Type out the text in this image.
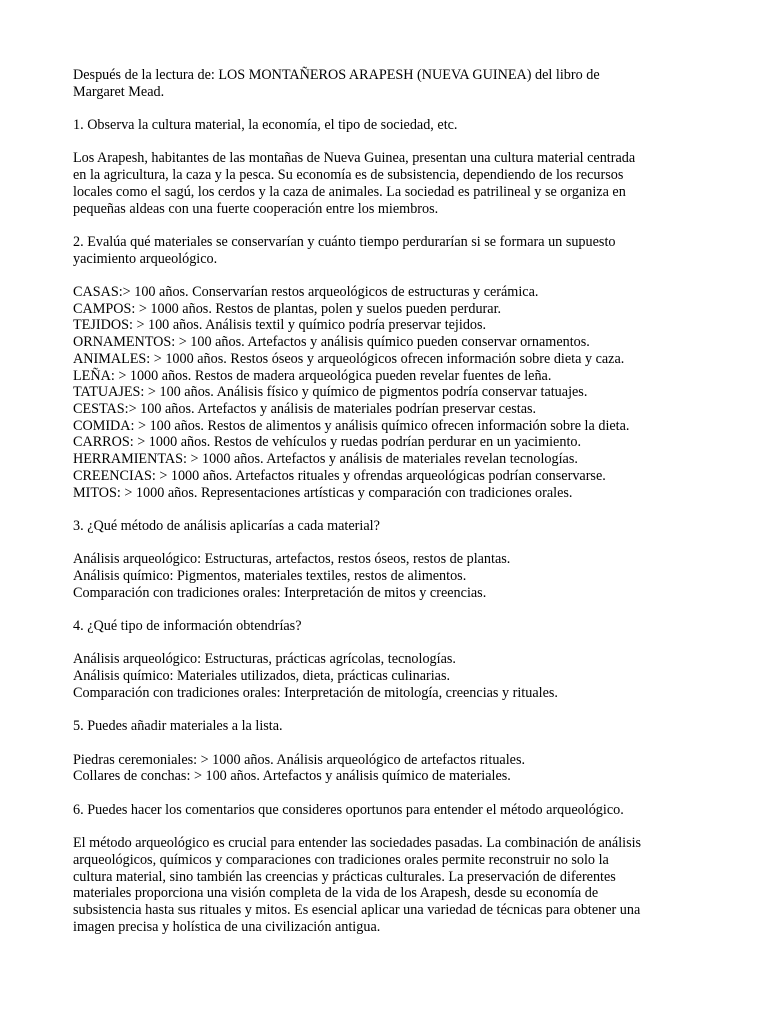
Después de la lectura de: LOS MONTAÑEROS ARAPESH (NUEVA GUINEA) del libro de
Margaret Mead.

1. Observa la cultura material, la economía, el tipo de sociedad, etc.

Los Arapesh, habitantes de las montañas de Nueva Guinea, presentan una cultura material centrada
en la agricultura, la caza y la pesca. Su economía es de subsistencia, dependiendo de los recursos
locales como el sagú, los cerdos y la caza de animales. La sociedad es patrilineal y se organiza en
pequeñas aldeas con una fuerte cooperación entre los miembros.

2. Evalúa qué materiales se conservarían y cuánto tiempo perdurarían si se formara un supuesto
yacimiento arqueológico.

CASAS:> 100 años. Conservarían restos arqueológicos de estructuras y cerámica.
CAMPOS: > 1000 años. Restos de plantas, polen y suelos pueden perdurar.
TEJIDOS: > 100 años. Análisis textil y químico podría preservar tejidos.
ORNAMENTOS: > 100 años. Artefactos y análisis químico pueden conservar ornamentos.
ANIMALES: > 1000 años. Restos óseos y arqueológicos ofrecen información sobre dieta y caza.
LEÑA: > 1000 años. Restos de madera arqueológica pueden revelar fuentes de leña.
TATUAJES: > 100 años. Análisis físico y químico de pigmentos podría conservar tatuajes.
CESTAS:> 100 años. Artefactos y análisis de materiales podrían preservar cestas.
COMIDA: > 100 años. Restos de alimentos y análisis químico ofrecen información sobre la dieta.
CARROS: > 1000 años. Restos de vehículos y ruedas podrían perdurar en un yacimiento.
HERRAMIENTAS: > 1000 años. Artefactos y análisis de materiales revelan tecnologías.
CREENCIAS: > 1000 años. Artefactos rituales y ofrendas arqueológicas podrían conservarse.
MITOS: > 1000 años. Representaciones artísticas y comparación con tradiciones orales.

3. ¿Qué método de análisis aplicarías a cada material?

Análisis arqueológico: Estructuras, artefactos, restos óseos, restos de plantas.
Análisis químico: Pigmentos, materiales textiles, restos de alimentos.
Comparación con tradiciones orales: Interpretación de mitos y creencias.

4. ¿Qué tipo de información obtendrías?

Análisis arqueológico: Estructuras, prácticas agrícolas, tecnologías.
Análisis químico: Materiales utilizados, dieta, prácticas culinarias.
Comparación con tradiciones orales: Interpretación de mitología, creencias y rituales.

5. Puedes añadir materiales a la lista.

Piedras ceremoniales: > 1000 años. Análisis arqueológico de artefactos rituales.
Collares de conchas: > 100 años. Artefactos y análisis químico de materiales.

6. Puedes hacer los comentarios que consideres oportunos para entender el método arqueológico.

El método arqueológico es crucial para entender las sociedades pasadas. La combinación de análisis
arqueológicos, químicos y comparaciones con tradiciones orales permite reconstruir no solo la
cultura material, sino también las creencias y prácticas culturales. La preservación de diferentes
materiales proporciona una visión completa de la vida de los Arapesh, desde su economía de
subsistencia hasta sus rituales y mitos. Es esencial aplicar una variedad de técnicas para obtener una
imagen precisa y holística de una civilización antigua.
